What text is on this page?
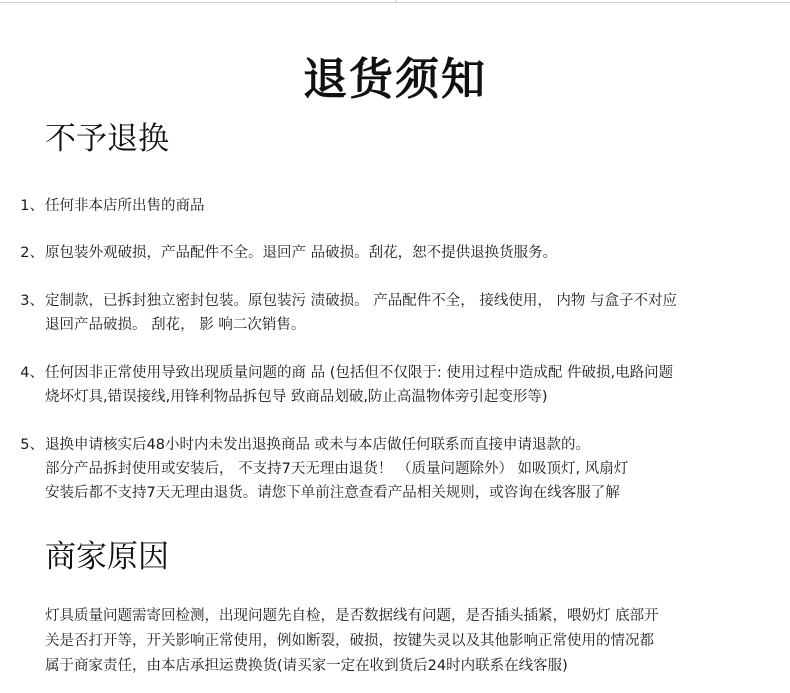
退货须知
不予退换
1、 任何非本店所出售的商品
2、 原包装外观破损，产品配件不全。退回产 品破损。刮花，恕不提供退换货服务。
3、 定制款，已拆封独立密封包装。原包装污 渍破损。 产品配件不全， 接线使用， 内物 与盒子不对应
退回产品破损。 刮花， 影 响二次销售。
4、 任何因非正常使用导致出现质量问题的商 品 (包括但不仅限于: 使用过程中造成配 件破损,电路问题
烧坏灯具,错误接线,用锋利物品拆包导 致商品划破,防止高温物体旁引起变形等)
5、 退换申请核实后48小时内未发出退换商品 或未与本店做任何联系而直接申请退款的。
部分产品拆封使用或安装后， 不支持7天无理由退货！ （质量问题除外） 如吸顶灯, 风扇灯
安装后都不支持7天无理由退货。请您下单前注意查看产品相关规则，或咨询在线客服了解
商家原因
灯具质量问题需寄回检测，出现问题先自检，是否数据线有问题，是否插头插紧，喂奶灯 底部开
关是否打开等，开关影响正常使用，例如断裂，破损，按键失灵以及其他影响正常使用的情况都
属于商家责任，由本店承担运费换货(请买家一定在收到货后24时内联系在线客服)
